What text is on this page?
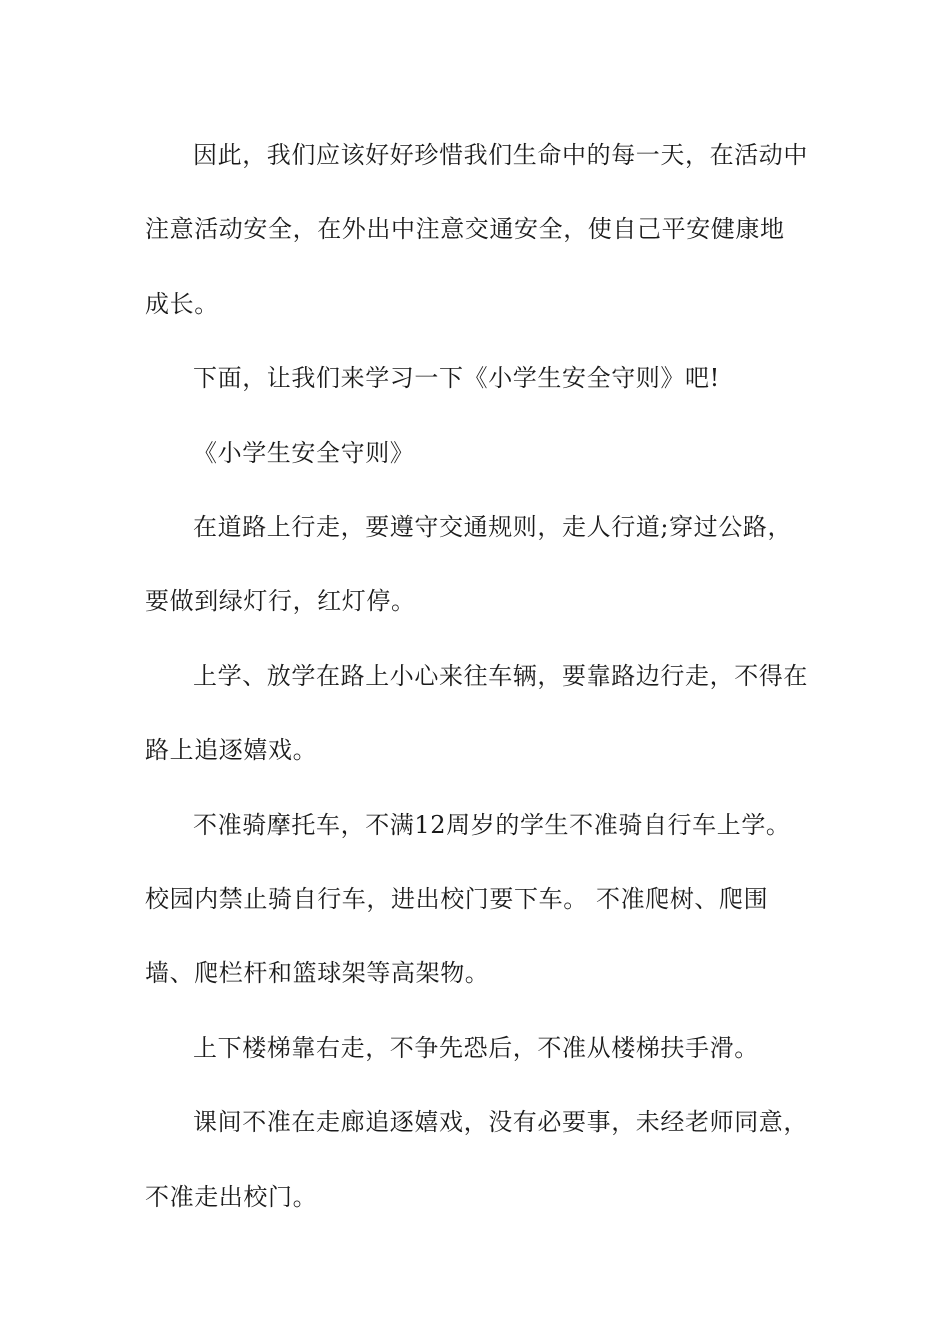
因此，我们应该好好珍惜我们生命中的每一天，在活动中注意活动安全，在外出中注意交通安全，使自己平安健康地成长。

下面，让我们来学习一下《小学生安全守则》吧!

《小学生安全守则》

在道路上行走，要遵守交通规则，走人行道;穿过公路，要做到绿灯行，红灯停。

上学、放学在路上小心来往车辆，要靠路边行走，不得在路上追逐嬉戏。

不准骑摩托车，不满12周岁的学生不准骑自行车上学。校园内禁止骑自行车，进出校门要下车。 不准爬树、爬围墙、爬栏杆和篮球架等高架物。

上下楼梯靠右走，不争先恐后，不准从楼梯扶手滑。

课间不准在走廊追逐嬉戏，没有必要事，未经老师同意，不准走出校门。
